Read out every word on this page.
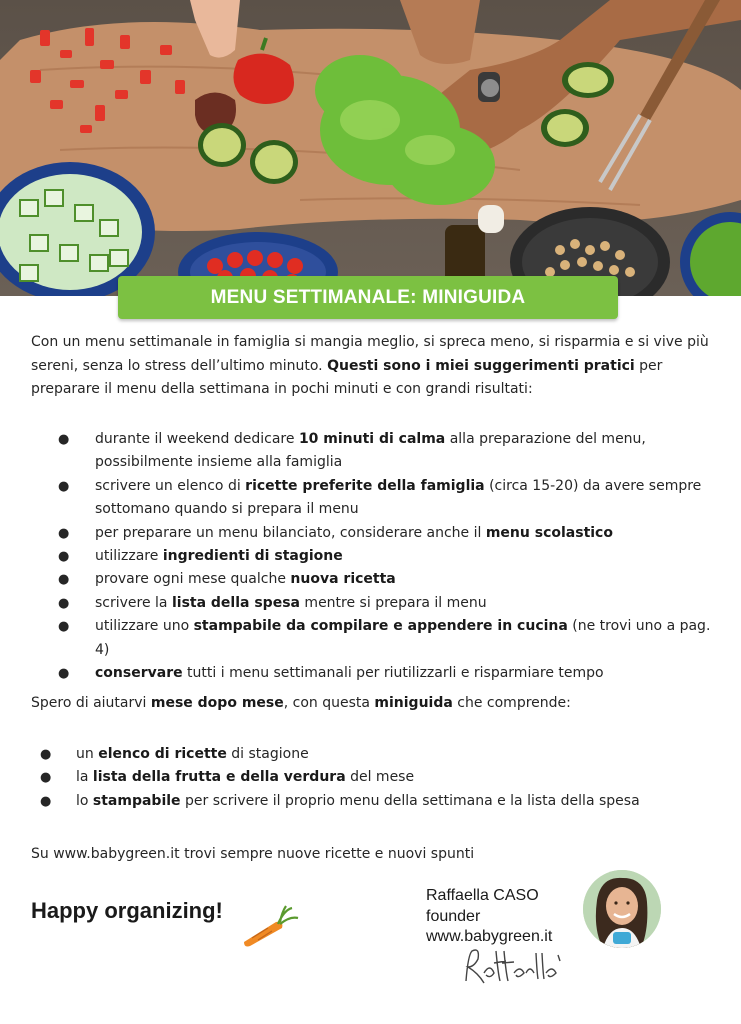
MENU SETTIMANALE: MINIGUIDA

Con un menu settimanale in famiglia si mangia meglio, si spreca meno, si risparmia e si vive più sereni, senza lo stress dell’ultimo minuto. Questi sono i miei suggerimenti pratici per preparare il menu della settimana in pochi minuti e con grandi risultati:

● durante il weekend dedicare 10 minuti di calma alla preparazione del menu, possibilmente insieme alla famiglia
● scrivere un elenco di ricette preferite della famiglia (circa 15-20) da avere sempre sottomano quando si prepara il menu
● per preparare un menu bilanciato, considerare anche il menu scolastico
● utilizzare ingredienti di stagione
● provare ogni mese qualche nuova ricetta
● scrivere la lista della spesa mentre si prepara il menu
● utilizzare uno stampabile da compilare e appendere in cucina (ne trovi uno a pag. 4)
● conservare tutti i menu settimanali per riutilizzarli e risparmiare tempo

Spero di aiutarvi mese dopo mese, con questa miniguida che comprende:

● un elenco di ricette di stagione
● la lista della frutta e della verdura del mese
● lo stampabile per scrivere il proprio menu della settimana e la lista della spesa

Su www.babygreen.it trovi sempre nuove ricette e nuovi spunti

Happy organizing!
Raffaella CASO
founder
www.babygreen.it
